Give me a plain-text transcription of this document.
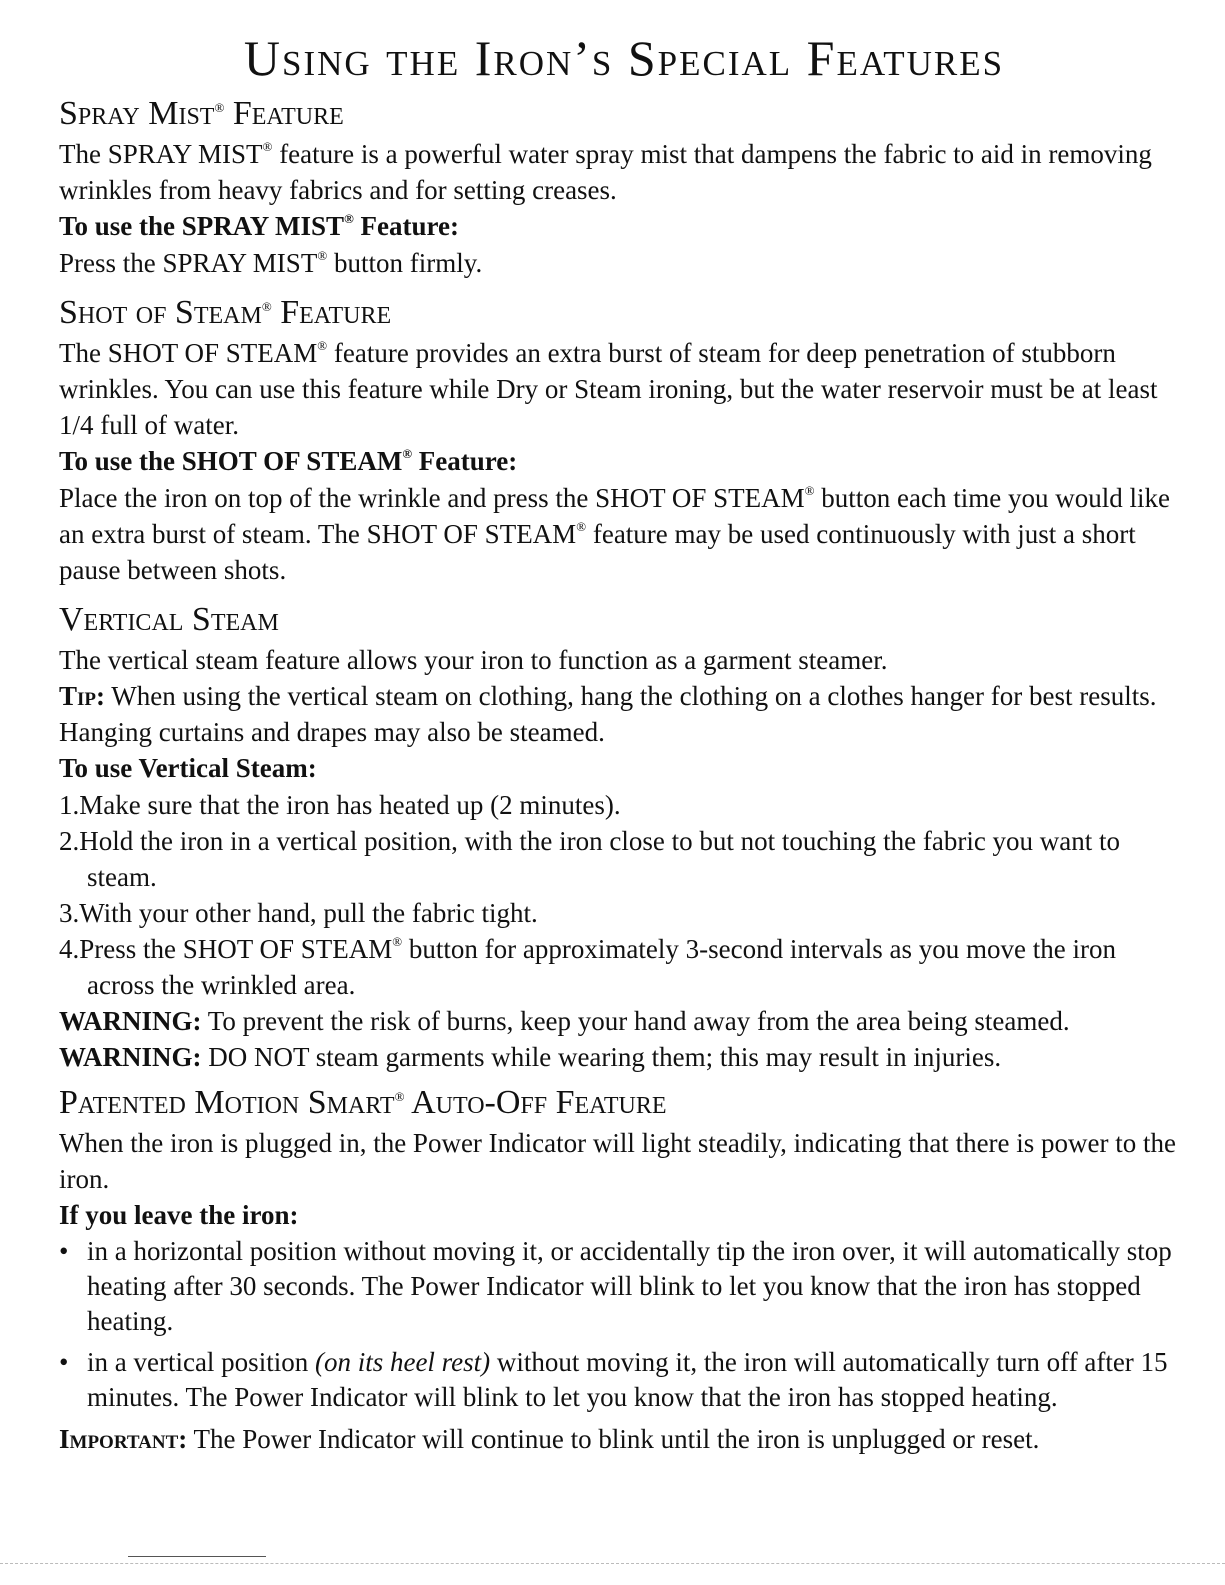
Using the Iron’s Special Features
Spray Mist® Feature

The SPRAY MIST® feature is a powerful water spray mist that dampens the fabric to aid in removing wrinkles from heavy fabrics and for setting creases.

To use the SPRAY MIST® Feature:

Press the SPRAY MIST® button firmly.

Shot of Steam® Feature

The SHOT OF STEAM® feature provides an extra burst of steam for deep penetration of stubborn wrinkles. You can use this feature while Dry or Steam ironing, but the water reservoir must be at least 1/4 full of water.

To use the SHOT OF STEAM® Feature:

Place the iron on top of the wrinkle and press the SHOT OF STEAM® button each time you would like an extra burst of steam. The SHOT OF STEAM® feature may be used continuously with just a short pause between shots.

Vertical Steam

The vertical steam feature allows your iron to function as a garment steamer.

Tip: When using the vertical steam on clothing, hang the clothing on a clothes hanger for best results. Hanging curtains and drapes may also be steamed.

To use Vertical Steam:

1.Make sure that the iron has heated up (2 minutes).
2.Hold the iron in a vertical position, with the iron close to but not touching the fabric you want to steam.
3.With your other hand, pull the fabric tight.
4.Press the SHOT OF STEAM® button for approximately 3-second intervals as you move the iron across the wrinkled area.

WARNING: To prevent the risk of burns, keep your hand away from the area being steamed.

WARNING: DO NOT steam garments while wearing them; this may result in injuries.

Patented Motion Smart® Auto-Off Feature

When the iron is plugged in, the Power Indicator will light steadily, indicating that there is power to the iron.

If you leave the iron:

• in a horizontal position without moving it, or accidentally tip the iron over, it will automatically stop heating after 30 seconds. The Power Indicator will blink to let you know that the iron has stopped heating.
• in a vertical position (on its heel rest) without moving it, the iron will automatically turn off after 15 minutes. The Power Indicator will blink to let you know that the iron has stopped heating.

Important: The Power Indicator will continue to blink until the iron is unplugged or reset.
